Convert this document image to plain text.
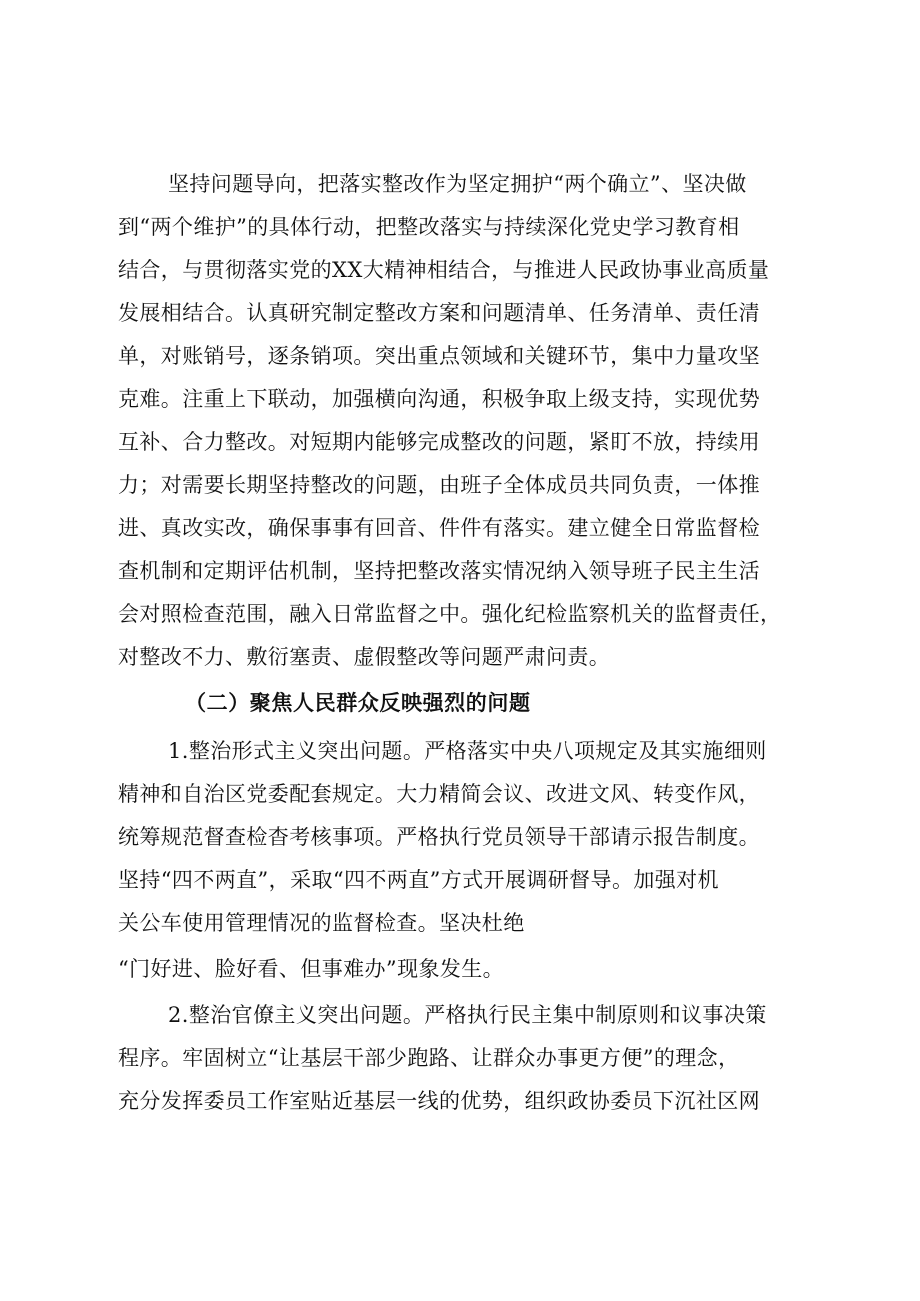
坚持问题导向，把落实整改作为坚定拥护“两个确立”、坚决做
到“两个维护”的具体行动，把整改落实与持续深化党史学习教育相
结合，与贯彻落实党的XX大精神相结合，与推进人民政协事业高质量
发展相结合。认真研究制定整改方案和问题清单、任务清单、责任清
单，对账销号，逐条销项。突出重点领域和关键环节，集中力量攻坚
克难。注重上下联动，加强横向沟通，积极争取上级支持，实现优势
互补、合力整改。对短期内能够完成整改的问题，紧盯不放，持续用
力；对需要长期坚持整改的问题，由班子全体成员共同负责，一体推
进、真改实改，确保事事有回音、件件有落实。建立健全日常监督检
查机制和定期评估机制，坚持把整改落实情况纳入领导班子民主生活
会对照检查范围，融入日常监督之中。强化纪检监察机关的监督责任，
对整改不力、敷衍塞责、虚假整改等问题严肃问责。
（二）聚焦人民群众反映强烈的问题
1.整治形式主义突出问题。严格落实中央八项规定及其实施细则
精神和自治区党委配套规定。大力精简会议、改进文风、转变作风，
统筹规范督查检杳考核事项。严格执行党员领导干部请示报告制度。
坚持“四不两直”，采取“四不两直”方式开展调研督导。加强对机
关公车使用管理情况的监督检查。坚决杜绝
“门好进、脸好看、但事难办”现象发生。
2.整治官僚主义突出问题。严格执行民主集中制原则和议事决策
程序。牢固树立“让基层干部少跑路、让群众办事更方便”的理念，
充分发挥委员工作室贴近基层一线的优势，组织政协委员下沉社区网
